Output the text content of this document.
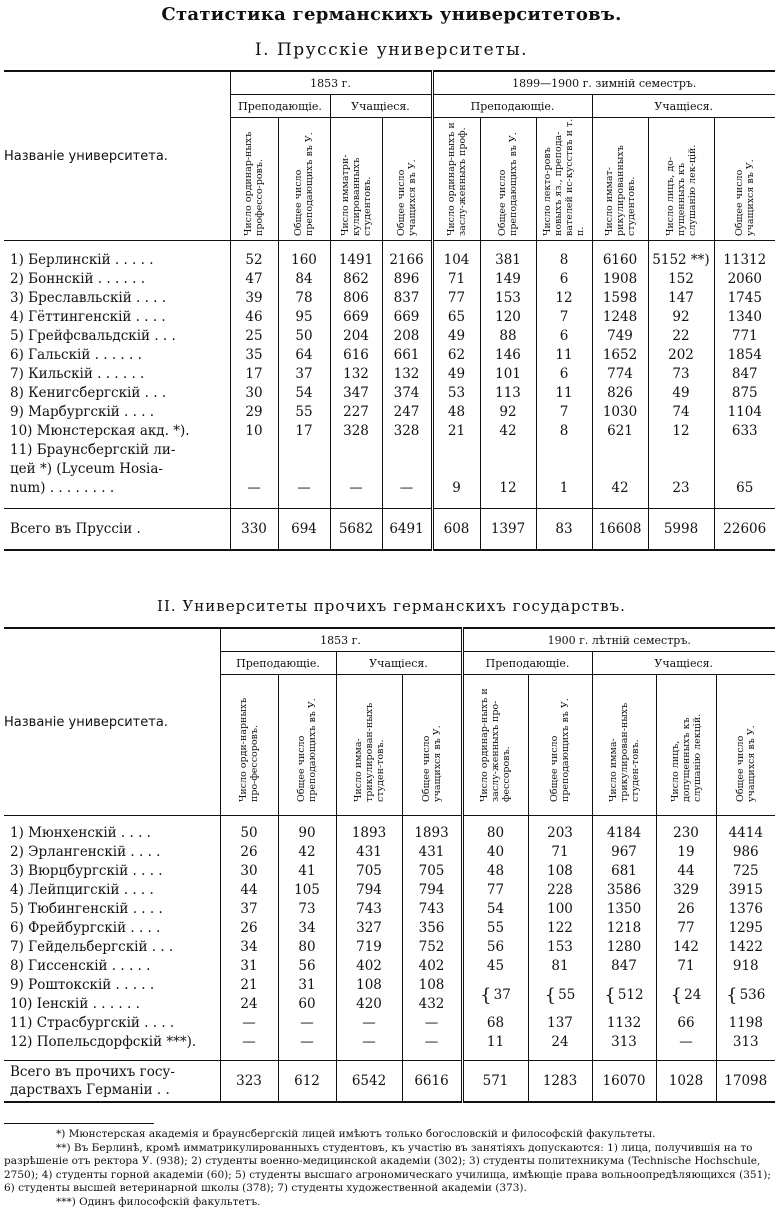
Статистика германскихъ университетовъ.
I. Прусскіе университеты.
Названіе университета.	1853 г.				1899—1900 г. зимній семестръ.					
	Преподающіе.		Учащіеся.		Преподающіе.			Учащіеся.		
	Число ординар-ныхъ профессо-ровъ.	Общее число преподающихъ въ У.	Число имматри-кулированныхъ студентовъ.	Общее число учащихся въ У.	Число ординар-ныхъ и заслу-женныхъ проф.	Общее число преподающихъ въ У.	Число лекто-ровъ новыхъ яз., препода-вателей ис-кусствъ и т. п.	Число иммат-рикулированныхъ студентовъ.	Число лицъ, до-пущенныхъ къ слушанію лек-цій.	Общее число учащихся въ У.

1) Берлинскій . . . . .	52	160	1491	2166	104	381	8	6160	5152 **)	11312
2) Боннскій . . . . . .	47	84	862	896	71	149	6	1908	152	2060
3) Бреславльскій . . . .	39	78	806	837	77	153	12	1598	147	1745
4) Гёттингенскій . . . .	46	95	669	669	65	120	7	1248	92	1340
5) Грейфсвальдскій . . .	25	50	204	208	49	88	6	749	22	771
6) Гальскій . . . . . .	35	64	616	661	62	146	11	1652	202	1854
7) Кильскій . . . . . .	17	37	132	132	49	101	6	774	73	847
8) Кенигсбергскій . . .	30	54	347	374	53	113	11	826	49	875
9) Марбургскій . . . .	29	55	227	247	48	92	7	1030	74	1104
10) Мюнстерская акд. *).	10	17	328	328	21	42	8	621	12	633
11) Браунсбергскій ли-										
цей *) (Lyceum Hosia-										
num) . . . . . . . .	—	—	—	—	9	12	1	42	23	65

Всего въ Пруссіи .	330	694	5682	6491	608	1397	83	16608	5998	22606
II. Университеты прочихъ германскихъ государствъ.
Названіе университета.	1853 г.				1900 г. лѣтній семестръ.				
	Преподающіе.		Учащіеся.		Преподающіе.		Учащіеся.		
	Число орди-нарныхъ про-фессоровъ.	Общее число преподающихъ въ У.	Число имма-трикулирован-ныхъ студен-товъ.	Общее число учащихся въ У.	Число ординар-ныхъ и заслу-женныхъ про-фессоровъ.	Общее число преподающихъ въ У.	Число имма-трикулирован-ныхъ студен-товъ.	Число лицъ, допущенныхъ къ слушанію лекцій.	Общее число учащихся въ У.

1) Мюнхенскій . . . .	50	90	1893	1893	80	203	4184	230	4414
2) Эрлангенскій . . . .	26	42	431	431	40	71	967	19	986
3) Вюрцбургскій . . . .	30	41	705	705	48	108	681	44	725
4) Лейпцигскій . . . .	44	105	794	794	77	228	3586	329	3915
5) Тюбингенскій . . . .	37	73	743	743	54	100	1350	26	1376
6) Фрейбургскій . . . .	26	34	327	356	55	122	1218	77	1295
7) Гейдельбергскій . . .	34	80	719	752	56	153	1280	142	1422
8) Гиссенскій . . . . .	31	56	402	402	45	81	847	71	918
9) Роштокскій . . . . .	21	31	108	108	{ 37	{ 55	{ 512	{ 24	{ 536
10) Іенскій . . . . . .	24	60	420	432					
11) Страсбургскій . . . .	—	—	—	—	68	137	1132	66	1198
12) Попельсдорфскій ***).	—	—	—	—	11	24	313	—	313

Всего въ прочихъ госу-
дарствахъ Германіи . .	323	612	6542	6616	571	1283	16070	1028	17098

*) Мюнстерская академія и браунсбергскій лицей имѣютъ только богословскій и философскій факультеты.

**) Въ Берлинѣ, кромѣ имматрикулированныхъ студентовъ, къ участію въ занятіяхъ допускаются: 1) лица, получившія на то разрѣшеніе отъ ректора У. (938); 2) студенты военно-медицинской академіи (302); 3) студенты политехникума (Technische Hochschule, 2750); 4) студенты горной академіи (60); 5) студенты высшаго агрономическаго училища, имѣющіе права вольноопредѣляющихся (351); 6) студенты высшей ветеринарной школы (378); 7) студенты художественной академіи (373).

***) Одинъ философскій факультетъ.
